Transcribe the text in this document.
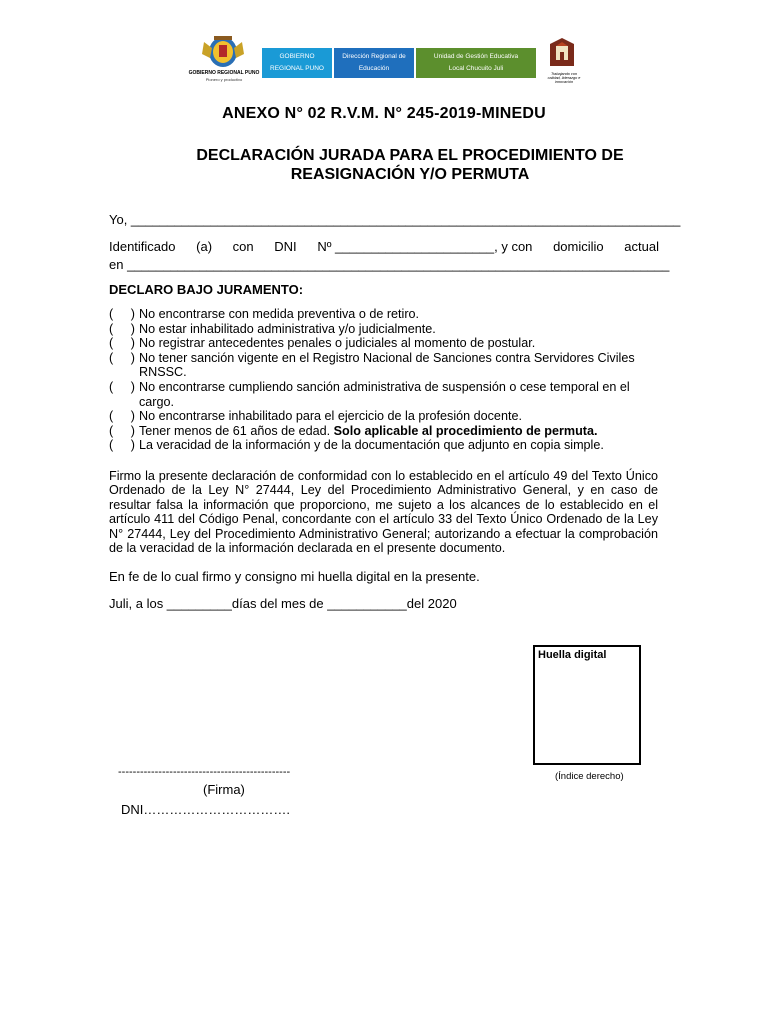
GOBIERNO REGIONAL PUNO
Pionero y productivo
GOBIERNO
REGIONAL PUNO
Dirección Regional de
Educación
Unidad de Gestión Educativa
Local Chucuito Juli
Trabajando con calidad, liderazgo e innovación
ANEXO N° 02 R.V.M. N° 245-2019-MINEDU
DECLARACIÓN JURADA PARA EL PROCEDIMIENTO DE
REASIGNACIÓN Y/O PERMUTA
Yo, ____________________________________________________________________________
Identificado (a) con DNI Nº ______________________, y con domicilio actual
en ___________________________________________________________________________
DECLARO BAJO JURAMENTO:
(     ) No encontrarse con medida preventiva o de retiro.
(     ) No estar inhabilitado administrativa y/o judicialmente.
(     ) No registrar antecedentes penales o judiciales al momento de postular.
(     ) No tener sanción vigente en el Registro Nacional de Sanciones contra Servidores Civiles RNSSC.
(     ) No encontrarse cumpliendo sanción administrativa de suspensión o cese temporal en el cargo.
(     ) No encontrarse inhabilitado para el ejercicio de la profesión docente.
(     ) Tener menos de 61 años de edad. Solo aplicable al procedimiento de permuta.
(     ) La veracidad de la información y de la documentación que adjunto en copia simple.
Firmo la presente declaración de conformidad con lo establecido en el artículo 49 del Texto Único Ordenado de la Ley N° 27444, Ley del Procedimiento Administrativo General, y en caso de resultar falsa la información que proporciono, me sujeto a los alcances de lo establecido en el artículo 411 del Código Penal, concordante con el artículo 33 del Texto Único Ordenado de la Ley N° 27444, Ley del Procedimiento Administrativo General; autorizando a efectuar la comprobación de la veracidad de la información declarada en el presente documento.
En fe de lo cual firmo y consigno mi huella digital en la presente.
Juli, a los _________días del mes de ___________del 2020
Huella digital
(Índice derecho)
-----------------------------------------------
(Firma)
DNI…………………………….
